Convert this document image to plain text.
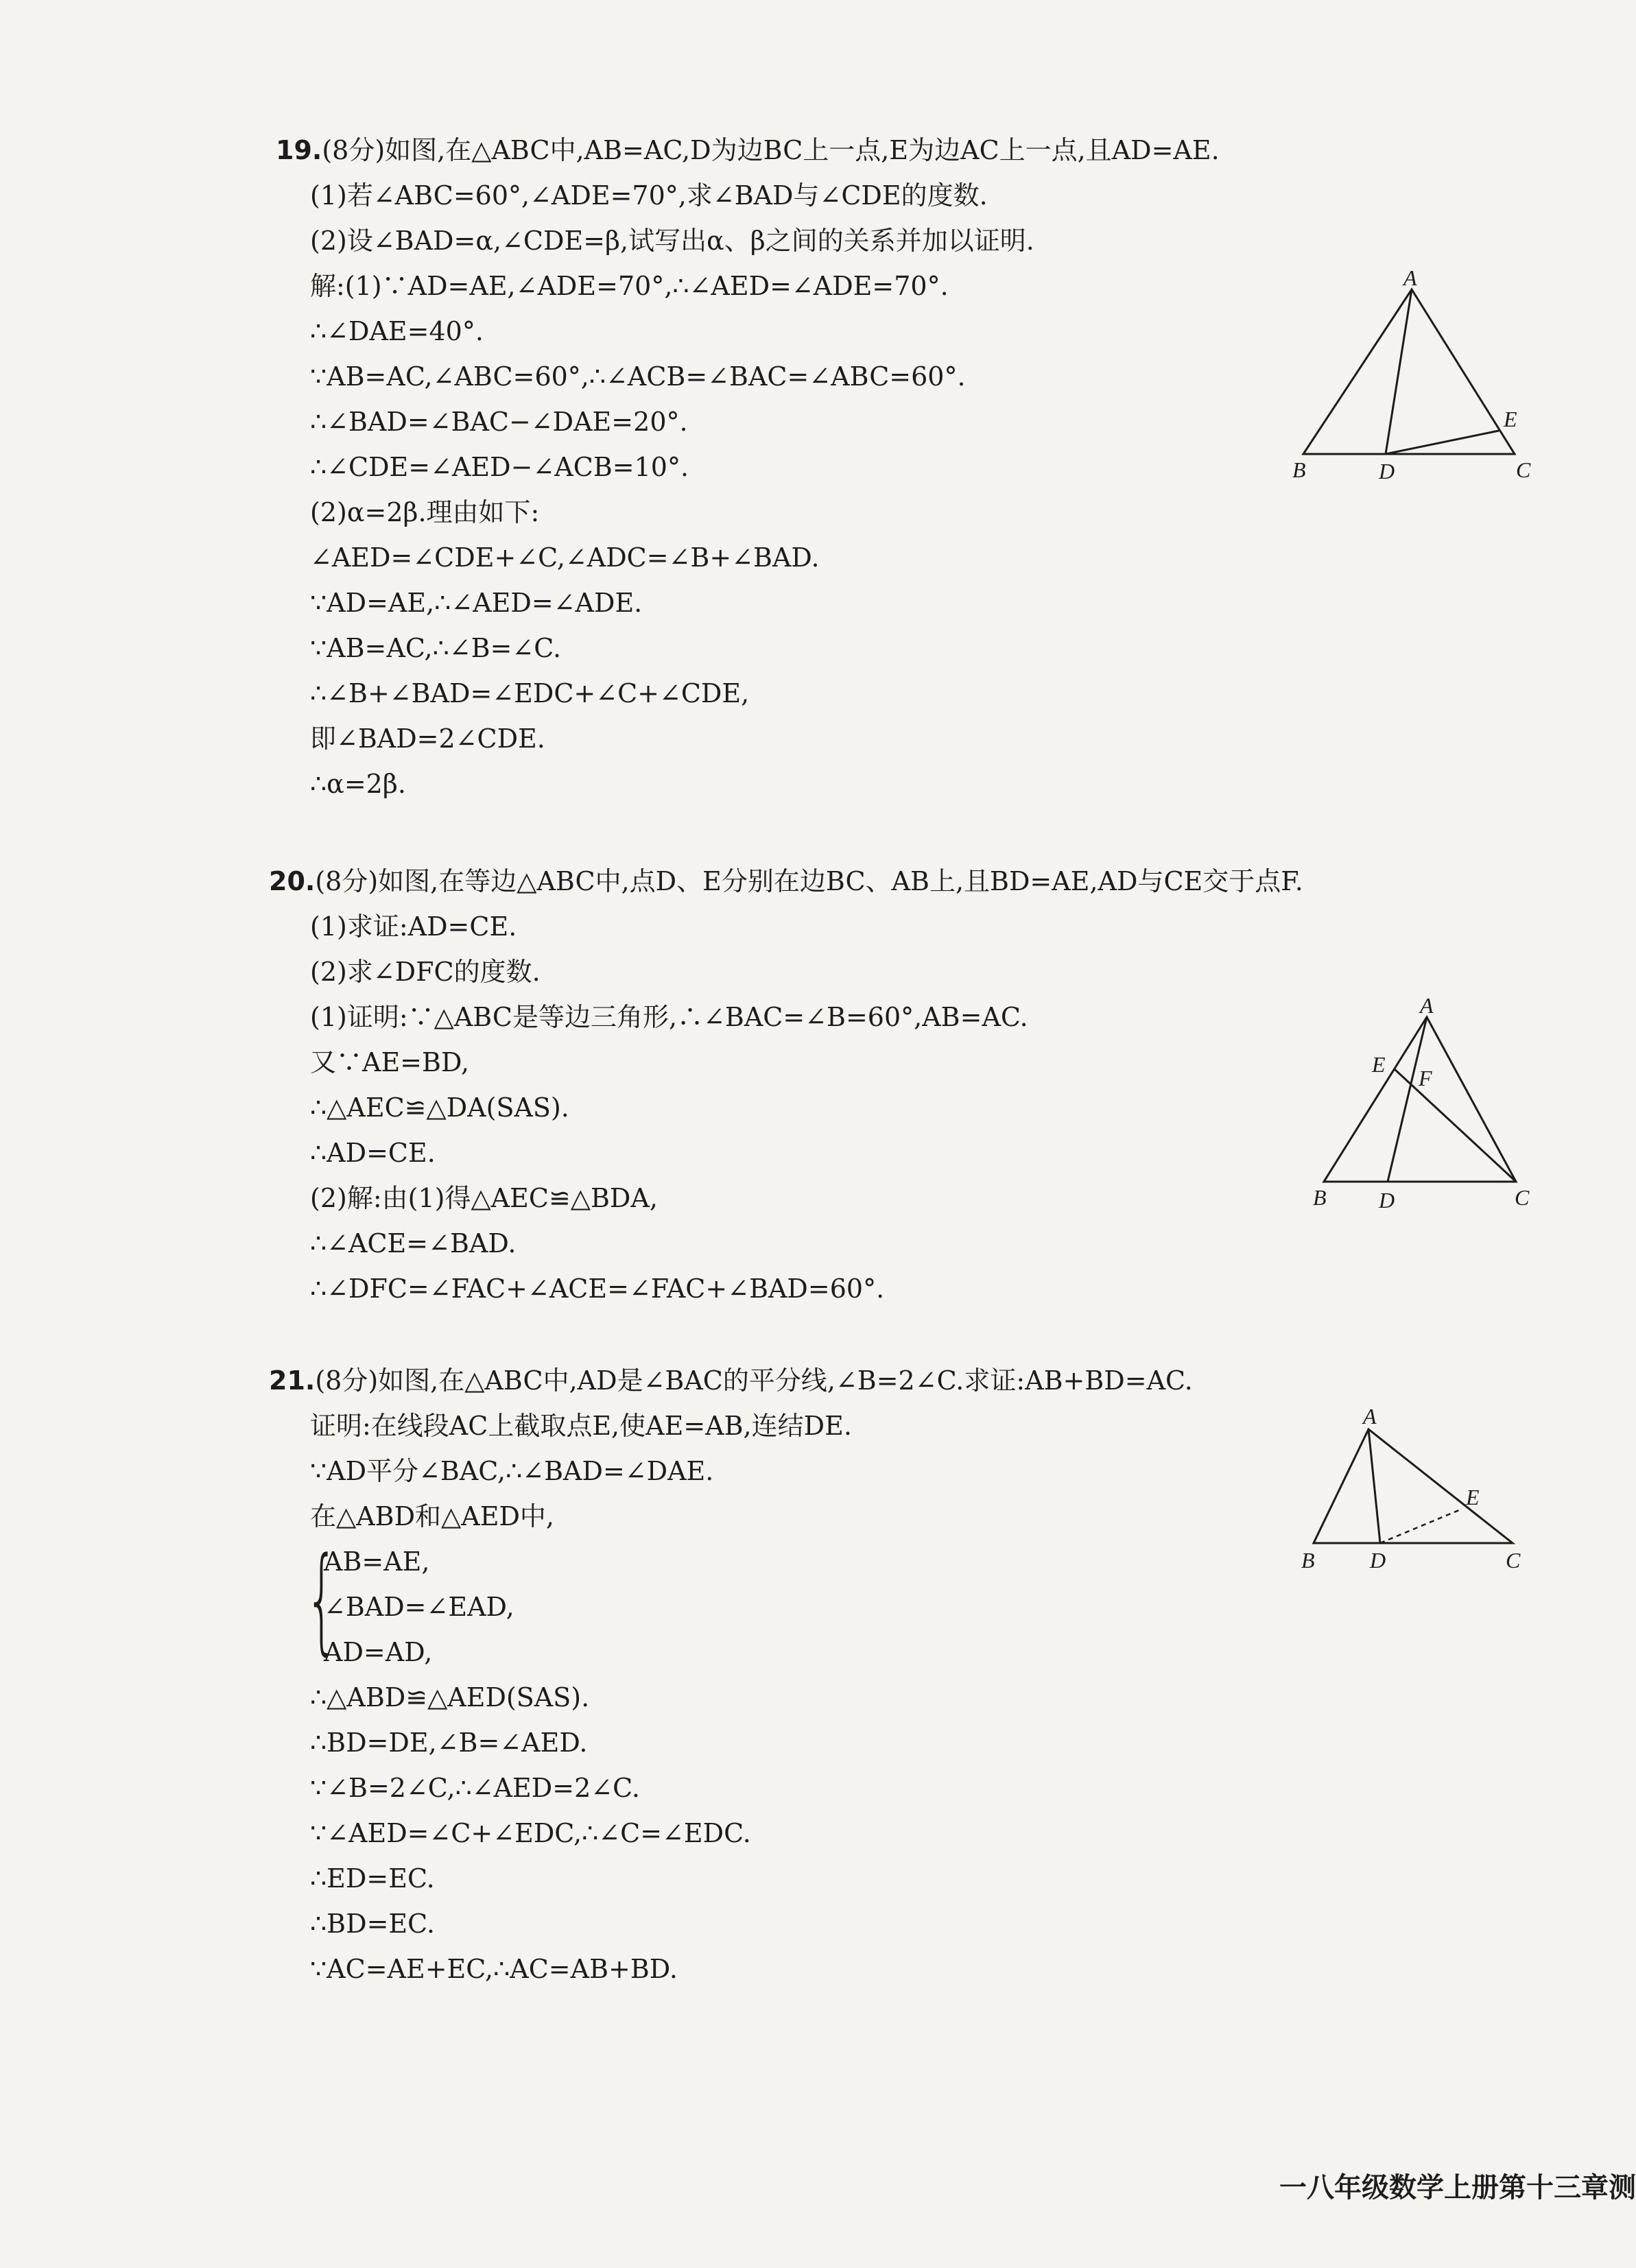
19.(8分)如图,在△ABC中,AB=AC,D为边BC上一点,E为边AC上一点,且AD=AE.
(1)若∠ABC=60°,∠ADE=70°,求∠BAD与∠CDE的度数.
(2)设∠BAD=α,∠CDE=β,试写出α、β之间的关系并加以证明.
解:(1)∵AD=AE,∠ADE=70°,∴∠AED=∠ADE=70°.
∴∠DAE=40°.
∵AB=AC,∠ABC=60°,∴∠ACB=∠BAC=∠ABC=60°.
∴∠BAD=∠BAC−∠DAE=20°.
∴∠CDE=∠AED−∠ACB=10°.
(2)α=2β.理由如下:
∠AED=∠CDE+∠C,∠ADC=∠B+∠BAD.
∵AD=AE,∴∠AED=∠ADE.
∵AB=AC,∴∠B=∠C.
∴∠B+∠BAD=∠EDC+∠C+∠CDE,
即∠BAD=2∠CDE.
∴α=2β.
A
B	D	C
E
20.(8分)如图,在等边△ABC中,点D、E分别在边BC、AB上,且BD=AE,AD与CE交于点F.
(1)求证:AD=CE.
(2)求∠DFC的度数.
(1)证明:∵△ABC是等边三角形,∴∠BAC=∠B=60°,AB=AC.
又∵AE=BD,
∴△AEC≌△DA(SAS).
∴AD=CE.
(2)解:由(1)得△AEC≌△BDA,
∴∠ACE=∠BAD.
∴∠DFC=∠FAC+∠ACE=∠FAC+∠BAD=60°.
A
E
F
B D	C
21.(8分)如图,在△ABC中,AD是∠BAC的平分线,∠B=2∠C.求证:AB+BD=AC.
证明:在线段AC上截取点E,使AE=AB,连结DE.
∵AD平分∠BAC,∴∠BAD=∠DAE.
在△ABD和△AED中,
{
AB=AE,
∠BAD=∠EAD,
AD=AD,
∴△ABD≌△AED(SAS).
∴BD=DE,∠B=∠AED.
∵∠B=2∠C,∴∠AED=2∠C.
∵∠AED=∠C+∠EDC,∴∠C=∠EDC.
∴ED=EC.
∴BD=EC.
∵AC=AE+EC,∴AC=AB+BD.
A
B	D	C
E
一八年级数学上册第十三章测
